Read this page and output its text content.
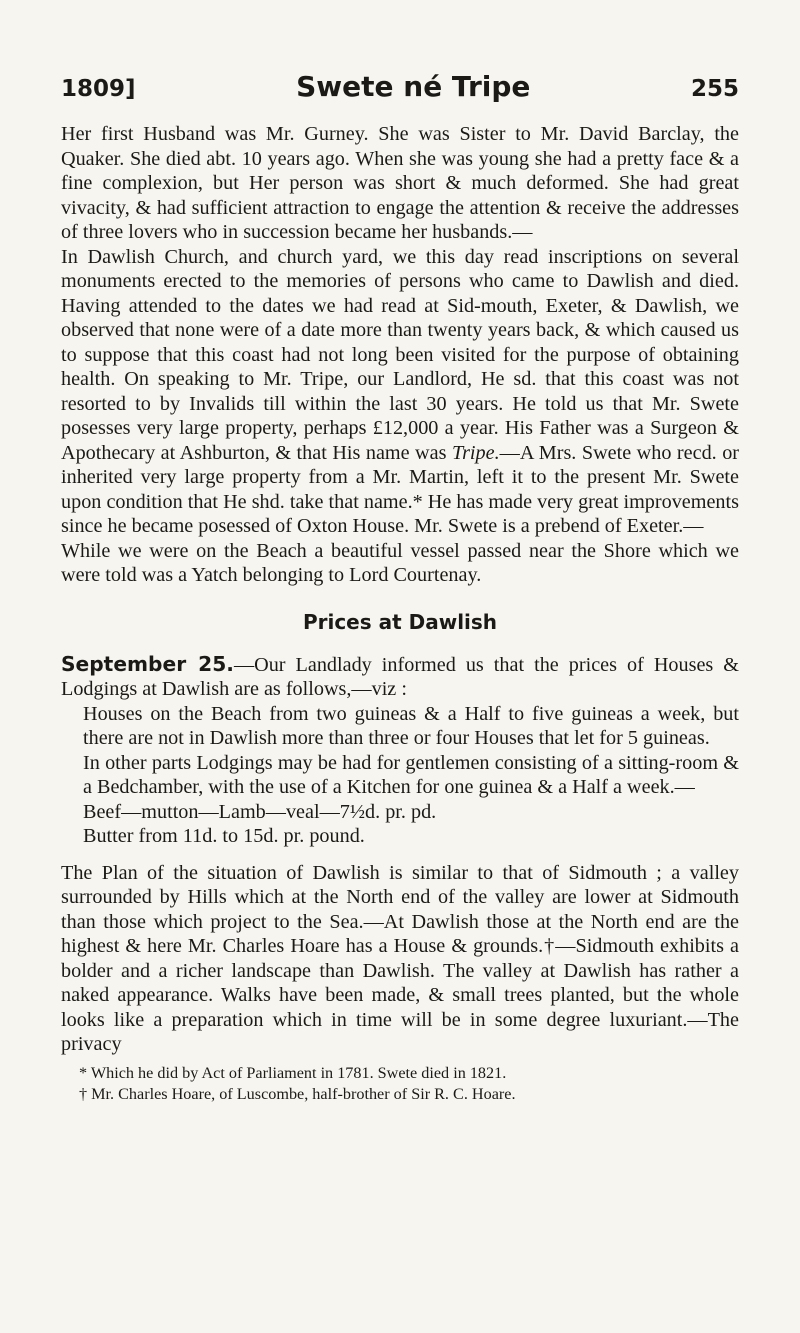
1809]	Swete né Tripe	255

Her first Husband was Mr. Gurney. She was Sister to Mr. David Barclay, the Quaker. She died abt. 10 years ago. When she was young she had a pretty face & a fine complexion, but Her person was short & much deformed. She had great vivacity, & had sufficient attraction to engage the attention & receive the addresses of three lovers who in succession became her husbands.—

In Dawlish Church, and church yard, we this day read inscriptions on several monuments erected to the memories of persons who came to Dawlish and died. Having attended to the dates we had read at Sid-mouth, Exeter, & Dawlish, we observed that none were of a date more than twenty years back, & which caused us to suppose that this coast had not long been visited for the purpose of obtaining health. On speaking to Mr. Tripe, our Landlord, He sd. that this coast was not resorted to by Invalids till within the last 30 years. He told us that Mr. Swete posesses very large property, perhaps £12,000 a year. His Father was a Surgeon & Apothecary at Ashburton, & that His name was Tripe.—A Mrs. Swete who recd. or inherited very large property from a Mr. Martin, left it to the present Mr. Swete upon condition that He shd. take that name.* He has made very great improvements since he became posessed of Oxton House. Mr. Swete is a prebend of Exeter.—

While we were on the Beach a beautiful vessel passed near the Shore which we were told was a Yatch belonging to Lord Courtenay.

Prices at Dawlish

September 25.—Our Landlady informed us that the prices of Houses & Lodgings at Dawlish are as follows,—viz :

Houses on the Beach from two guineas & a Half to five guineas a week, but there are not in Dawlish more than three or four Houses that let for 5 guineas.

In other parts Lodgings may be had for gentlemen consisting of a sitting-room & a Bedchamber, with the use of a Kitchen for one guinea & a Half a week.—

Beef—mutton—Lamb—veal—7½d. pr. pd.

Butter from 11d. to 15d. pr. pound.

The Plan of the situation of Dawlish is similar to that of Sidmouth ; a valley surrounded by Hills which at the North end of the valley are lower at Sidmouth than those which project to the Sea.—At Dawlish those at the North end are the highest & here Mr. Charles Hoare has a House & grounds.†—Sidmouth exhibits a bolder and a richer landscape than Dawlish. The valley at Dawlish has rather a naked appearance. Walks have been made, & small trees planted, but the whole looks like a preparation which in time will be in some degree luxuriant.—The privacy

* Which he did by Act of Parliament in 1781. Swete died in 1821.

† Mr. Charles Hoare, of Luscombe, half-brother of Sir R. C. Hoare.
